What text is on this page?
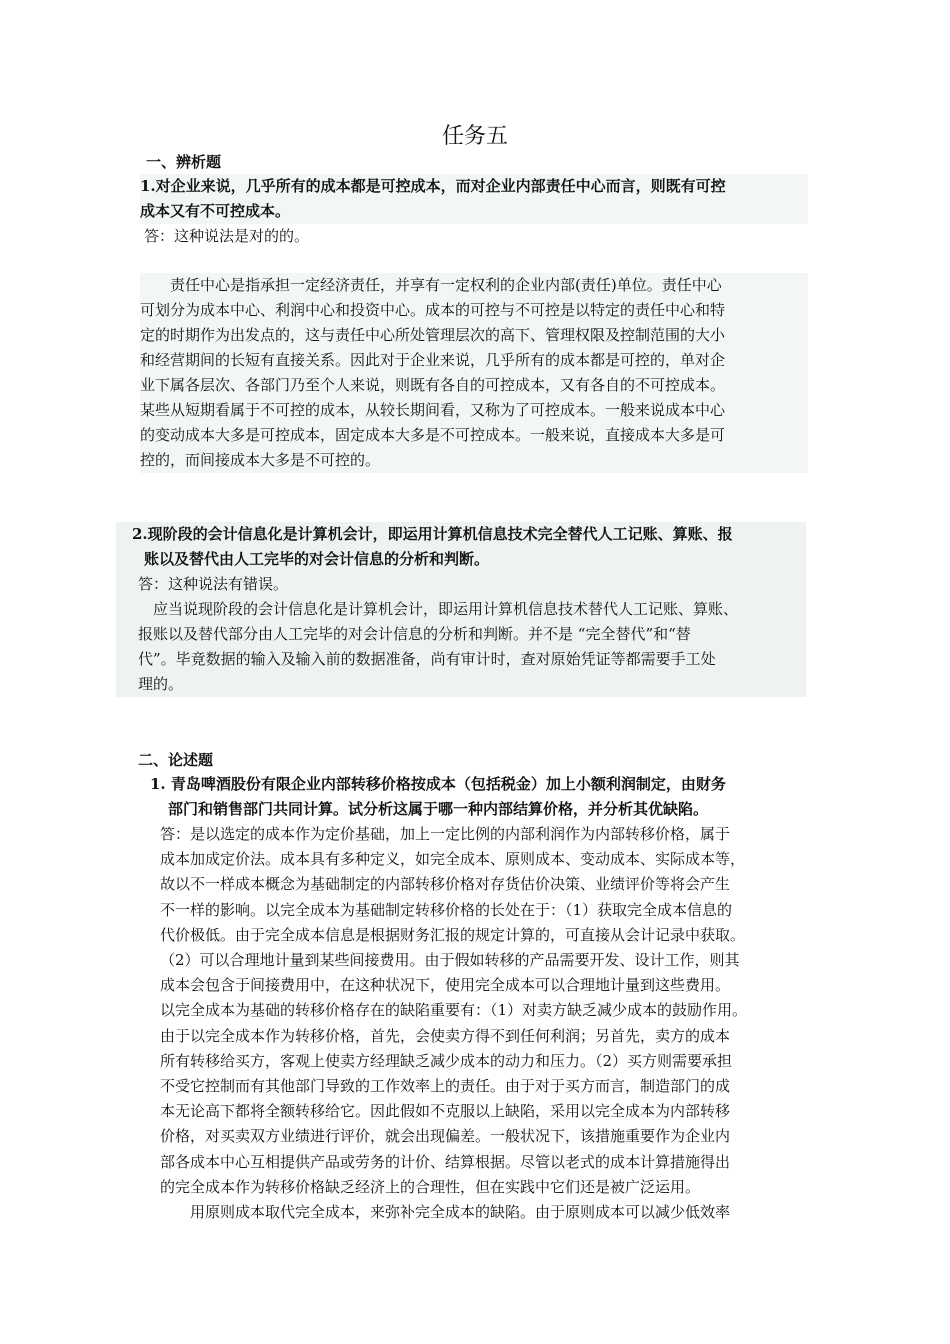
任务五
一、辨析题
1.对企业来说，几乎所有的成本都是可控成本，而对企业内部责任中心而言，则既有可控
成本又有不可控成本。
答：这种说法是对的的。
　　责任中心是指承担一定经济责任，并享有一定权利的企业内部(责任)单位。责任中心
可划分为成本中心、利润中心和投资中心。成本的可控与不可控是以特定的责任中心和特
定的时期作为出发点的，这与责任中心所处管理层次的高下、管理权限及控制范围的大小
和经营期间的长短有直接关系。因此对于企业来说，几乎所有的成本都是可控的，单对企
业下属各层次、各部门乃至个人来说，则既有各自的可控成本，又有各自的不可控成本。
某些从短期看属于不可控的成本，从较长期间看，又称为了可控成本。一般来说成本中心
的变动成本大多是可控成本，固定成本大多是不可控成本。一般来说，直接成本大多是可
控的，而间接成本大多是不可控的。
2.现阶段的会计信息化是计算机会计，即运用计算机信息技术完全替代人工记账、算账、报
账以及替代由人工完毕的对会计信息的分析和判断。
答：这种说法有错误。
　应当说现阶段的会计信息化是计算机会计，即运用计算机信息技术替代人工记账、算账、
报账以及替代部分由人工完毕的对会计信息的分析和判断。并不是 “完全替代”和“替
代”。毕竟数据的输入及输入前的数据准备，尚有审计时，查对原始凭证等都需要手工处
理的。
二、论述题
1. 青岛啤酒股份有限企业内部转移价格按成本（包括税金）加上小额利润制定，由财务
部门和销售部门共同计算。试分析这属于哪一种内部结算价格，并分析其优缺陷。
答：是以选定的成本作为定价基础，加上一定比例的内部利润作为内部转移价格，属于
成本加成定价法。成本具有多种定义，如完全成本、原则成本、变动成本、实际成本等，
故以不一样成本概念为基础制定的内部转移价格对存货估价决策、业绩评价等将会产生
不一样的影响。以完全成本为基础制定转移价格的长处在于：（1）获取完全成本信息的
代价极低。由于完全成本信息是根据财务汇报的规定计算的，可直接从会计记录中获取。
（2）可以合理地计量到某些间接费用。由于假如转移的产品需要开发、设计工作，则其
成本会包含于间接费用中，在这种状况下，使用完全成本可以合理地计量到这些费用。
以完全成本为基础的转移价格存在的缺陷重要有：（1）对卖方缺乏减少成本的鼓励作用。
由于以完全成本作为转移价格，首先，会使卖方得不到任何利润；另首先，卖方的成本
所有转移给买方，客观上使卖方经理缺乏减少成本的动力和压力。（2）买方则需要承担
不受它控制而有其他部门导致的工作效率上的责任。由于对于买方而言，制造部门的成
本无论高下都将全额转移给它。因此假如不克服以上缺陷，采用以完全成本为内部转移
价格，对买卖双方业绩进行评价，就会出现偏差。一般状况下，该措施重要作为企业内
部各成本中心互相提供产品或劳务的计价、结算根据。尽管以老式的成本计算措施得出
的完全成本作为转移价格缺乏经济上的合理性，但在实践中它们还是被广泛运用。
　　用原则成本取代完全成本，来弥补完全成本的缺陷。由于原则成本可以减少低效率
